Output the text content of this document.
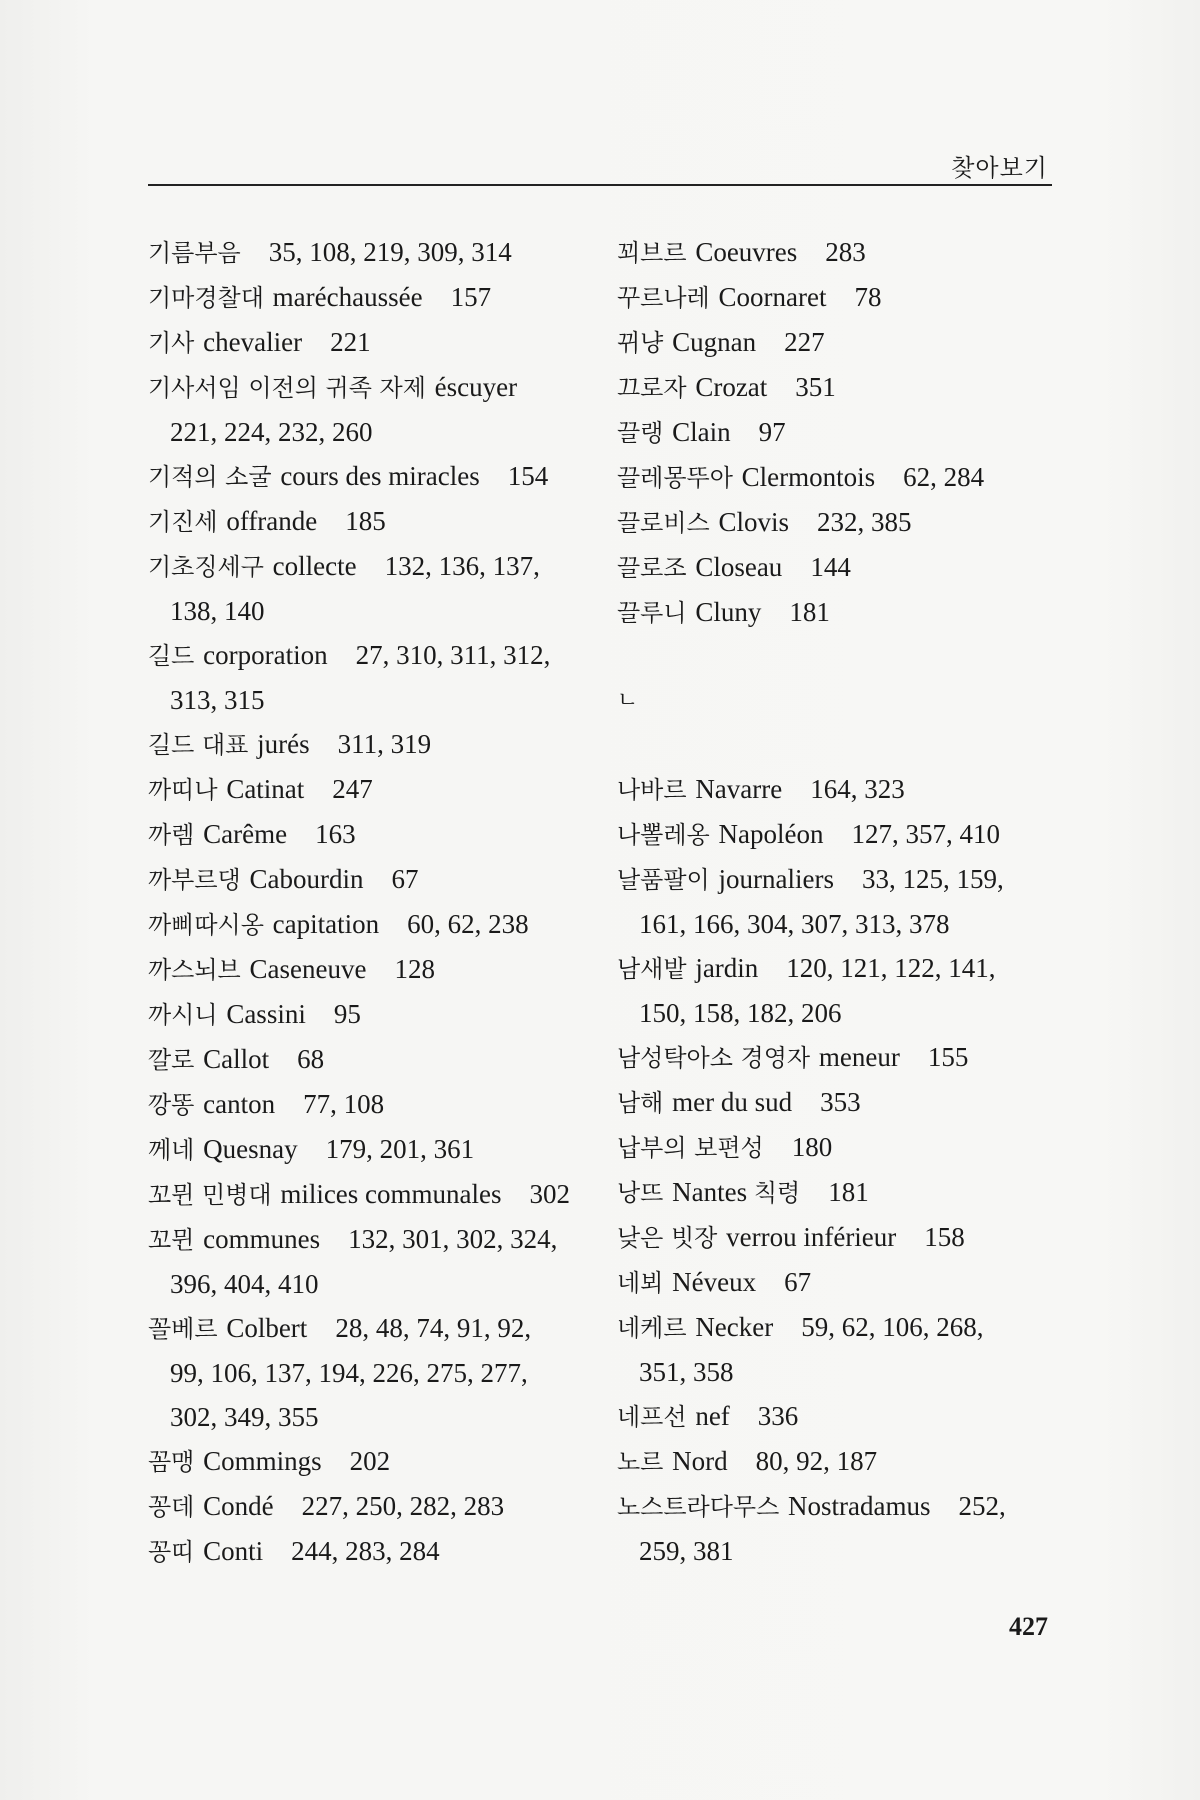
찾아보기
기름부음 35, 108, 219, 309, 314
기마경찰대 maréchaussée 157
기사 chevalier 221
기사서임 이전의 귀족 자제 éscuyer
221, 224, 232, 260
기적의 소굴 cours des miracles 154
기진세 offrande 185
기초징세구 collecte 132, 136, 137,
138, 140
길드 corporation 27, 310, 311, 312,
313, 315
길드 대표 jurés 311, 319
까띠나 Catinat 247
까렘 Carême 163
까부르댕 Cabourdin 67
까삐따시옹 capitation 60, 62, 238
까스뇌브 Caseneuve 128
까시니 Cassini 95
깔로 Callot 68
깡똥 canton 77, 108
께네 Quesnay 179, 201, 361
꼬뮌 민병대 milices communales 302
꼬뮌 communes 132, 301, 302, 324,
396, 404, 410
꼴베르 Colbert 28, 48, 74, 91, 92,
99, 106, 137, 194, 226, 275, 277,
302, 349, 355
꼼맹 Commings 202
꽁데 Condé 227, 250, 282, 283
꽁띠 Conti 244, 283, 284
꾀브르 Coeuvres 283
꾸르나레 Coornaret 78
뀌냥 Cugnan 227
끄로자 Crozat 351
끌랭 Clain 97
끌레몽뚜아 Clermontois 62, 284
끌로비스 Clovis 232, 385
끌로조 Closeau 144
끌루니 Cluny 181
ㄴ
나바르 Navarre 164, 323
나뽈레옹 Napoléon 127, 357, 410
날품팔이 journaliers 33, 125, 159,
161, 166, 304, 307, 313, 378
남새밭 jardin 120, 121, 122, 141,
150, 158, 182, 206
남성탁아소 경영자 meneur 155
남해 mer du sud 353
납부의 보편성 180
낭뜨 Nantes 칙령 181
낮은 빗장 verrou inférieur 158
네뵈 Néveux 67
네케르 Necker 59, 62, 106, 268,
351, 358
네프선 nef 336
노르 Nord 80, 92, 187
노스트라다무스 Nostradamus 252,
259, 381
427
